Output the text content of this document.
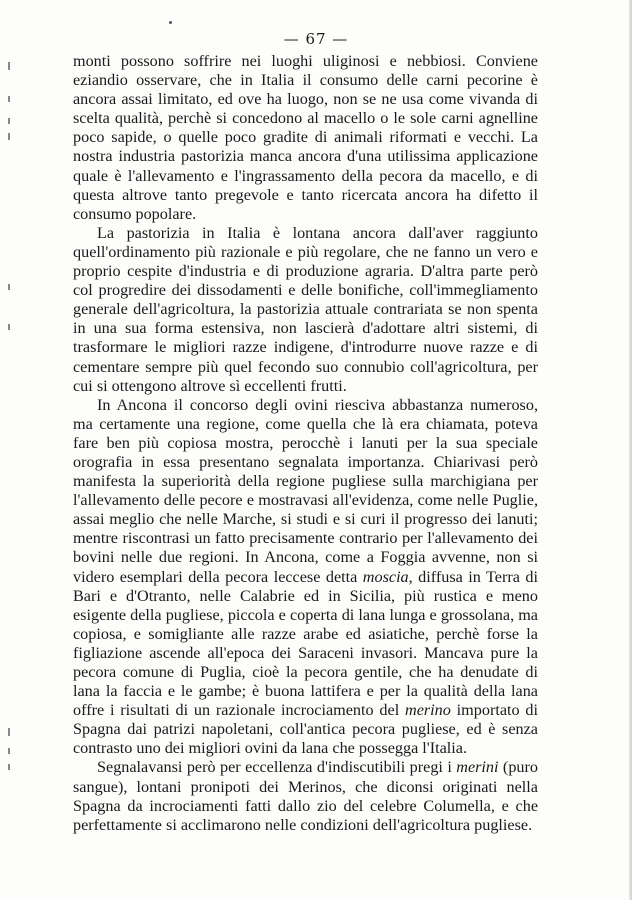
— 67 —

monti possono soffrire nei luoghi uliginosi e nebbiosi. Conviene eziandio osservare, che in Italia il consumo delle carni pecorine è ancora assai limitato, ed ove ha luogo, non se ne usa come vivanda di scelta qualità, perchè si concedono al macello o le sole carni agnelline poco sapide, o quelle poco gradite di animali riformati e vecchi. La nostra industria pastorizia manca ancora d'una utilissima applicazione quale è l'allevamento e l'ingrassamento della pecora da macello, e di questa altrove tanto pregevole e tanto ricercata ancora ha difetto il consumo popolare.

La pastorizia in Italia è lontana ancora dall'aver raggiunto quell'ordinamento più razionale e più regolare, che ne fanno un vero e proprio cespite d'industria e di produzione agraria. D'altra parte però col progredire dei dissodamenti e delle bonifiche, coll'immegliamento generale dell'agricoltura, la pastorizia attuale contrariata se non spenta in una sua forma estensiva, non lascierà d'adottare altri sistemi, di trasformare le migliori razze indigene, d'introdurre nuove razze e di cementare sempre più quel fecondo suo connubio coll'agricoltura, per cui si ottengono altrove sì eccellenti frutti.

In Ancona il concorso degli ovini riesciva abbastanza numeroso, ma certamente una regione, come quella che là era chiamata, poteva fare ben più copiosa mostra, perocchè i lanuti per la sua speciale orografia in essa presentano segnalata importanza. Chiarivasi però manifesta la superiorità della regione pugliese sulla marchigiana per l'allevamento delle pecore e mostravasi all'evidenza, come nelle Puglie, assai meglio che nelle Marche, si studi e si curi il progresso dei lanuti; mentre riscontrasi un fatto precisamente contrario per l'allevamento dei bovini nelle due regioni. In Ancona, come a Foggia avvenne, non si videro esemplari della pecora leccese detta moscia, diffusa in Terra di Bari e d'Otranto, nelle Calabrie ed in Sicilia, più rustica e meno esigente della pugliese, piccola e coperta di lana lunga e grossolana, ma copiosa, e somigliante alle razze arabe ed asiatiche, perchè forse la figliazione ascende all'epoca dei Saraceni invasori. Mancava pure la pecora comune di Puglia, cioè la pecora gentile, che ha denudate di lana la faccia e le gambe; è buona lattifera e per la qualità della lana offre i risultati di un razionale incrociamento del merino importato di Spagna dai patrizi napoletani, coll'antica pecora pugliese, ed è senza contrasto uno dei migliori ovini da lana che possegga l'Italia.

Segnalavansi però per eccellenza d'indiscutibili pregi i merini (puro sangue), lontani pronipoti dei Merinos, che diconsi originati nella Spagna da incrociamenti fatti dallo zio del celebre Columella, e che perfettamente si acclimarono nelle condizioni dell'agricoltura pugliese.
